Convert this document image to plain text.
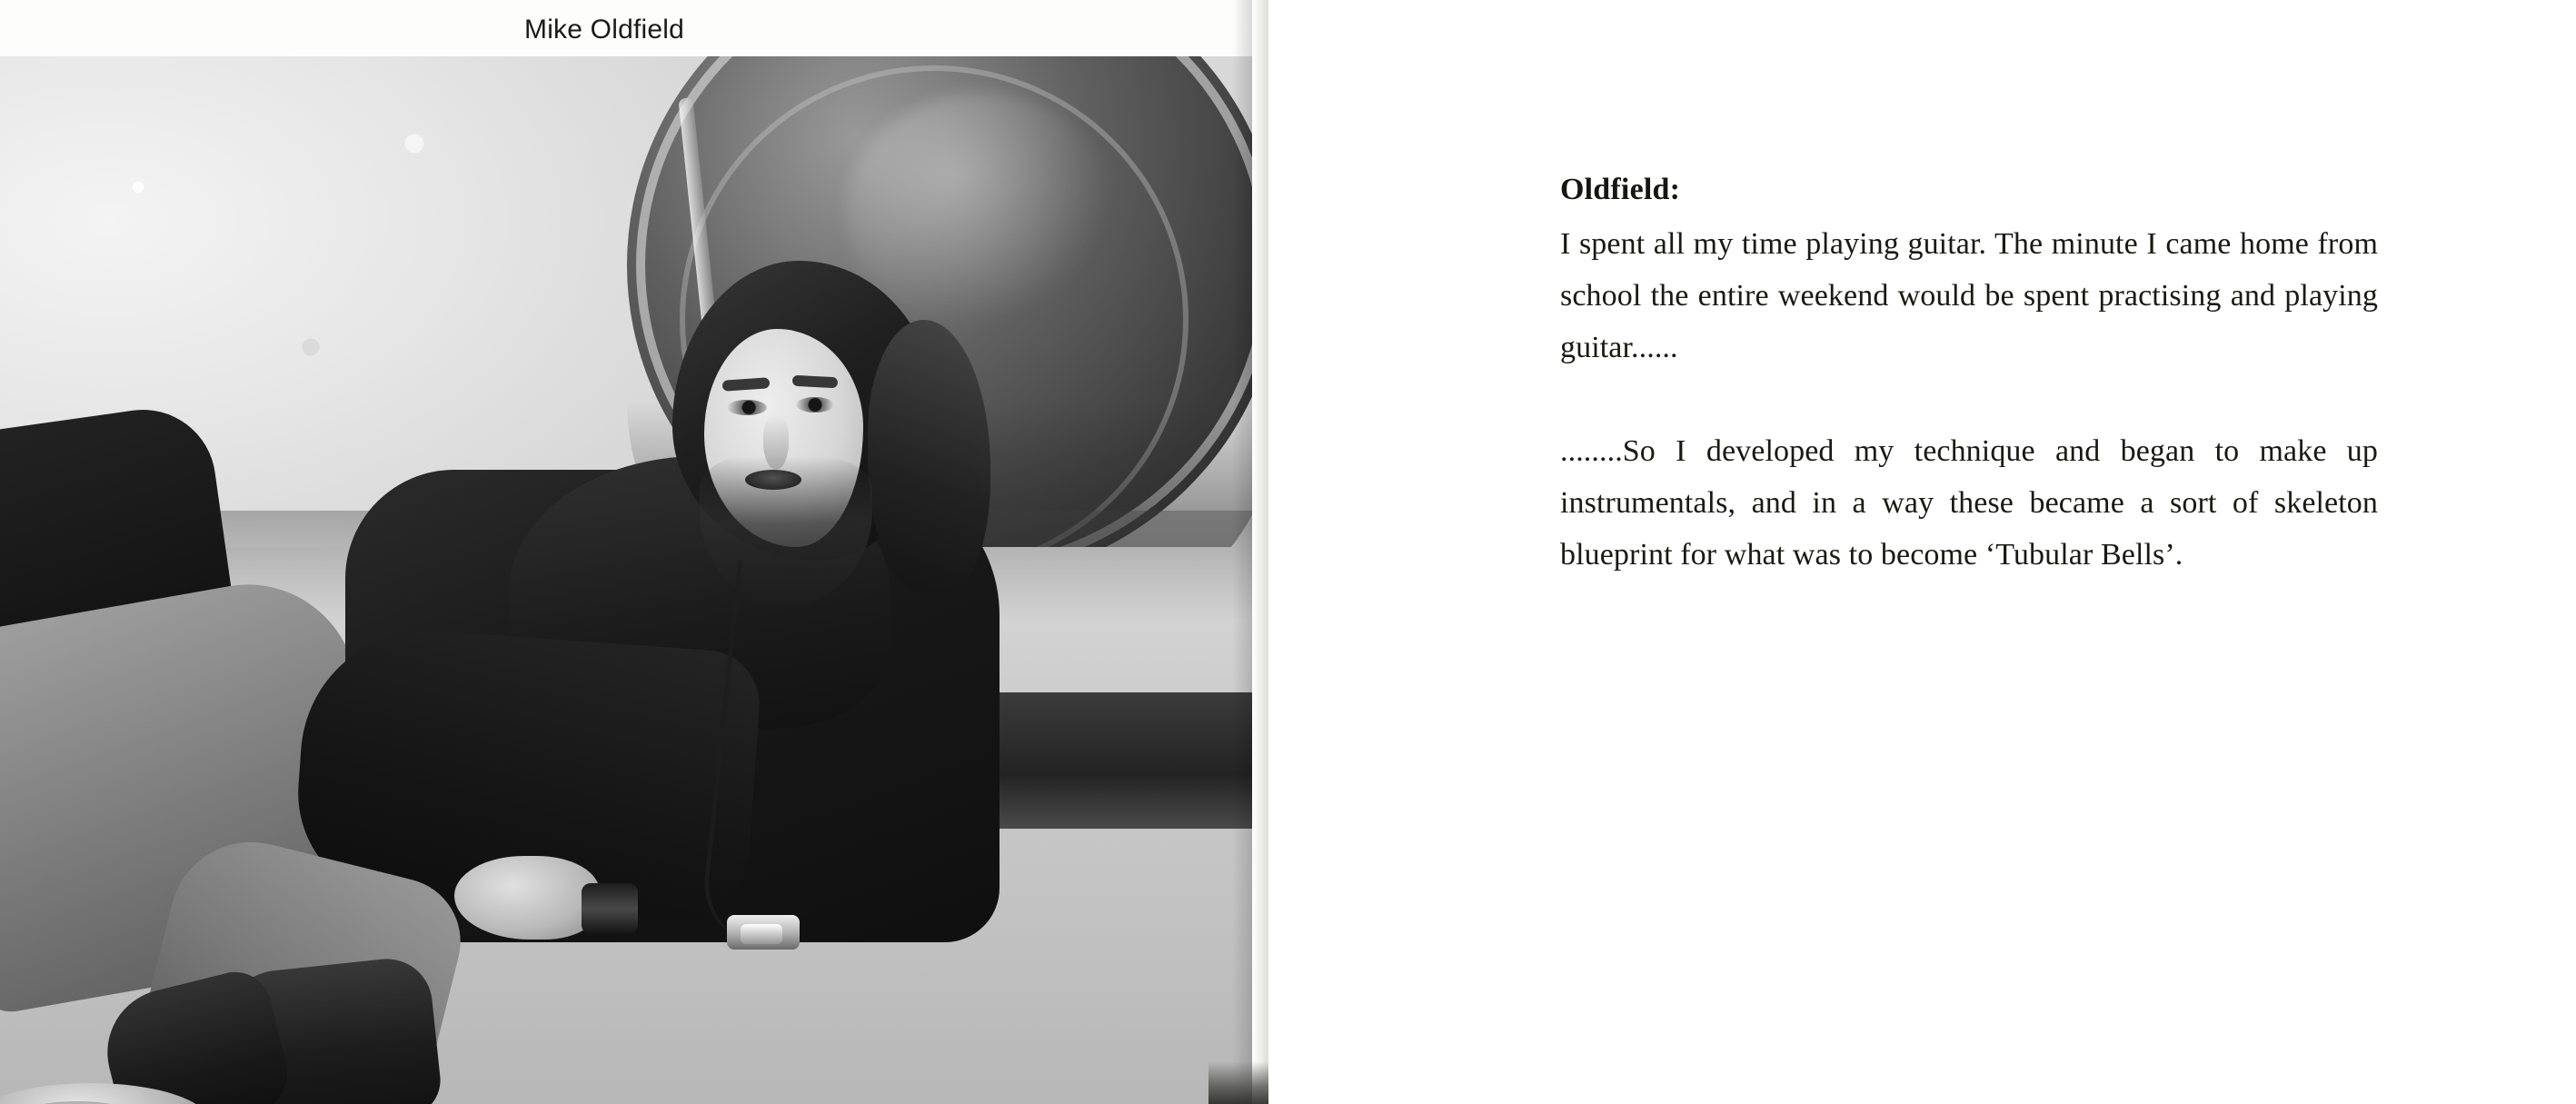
Mike Oldfield

Oldfield:

I spent all my time playing guitar. The minute I came home from school the entire weekend would be spent practising and playing guitar......

........So I developed my technique and began to make up instrumentals, and in a way these became a sort of skeleton blueprint for what was to become ‘Tubular Bells’.
